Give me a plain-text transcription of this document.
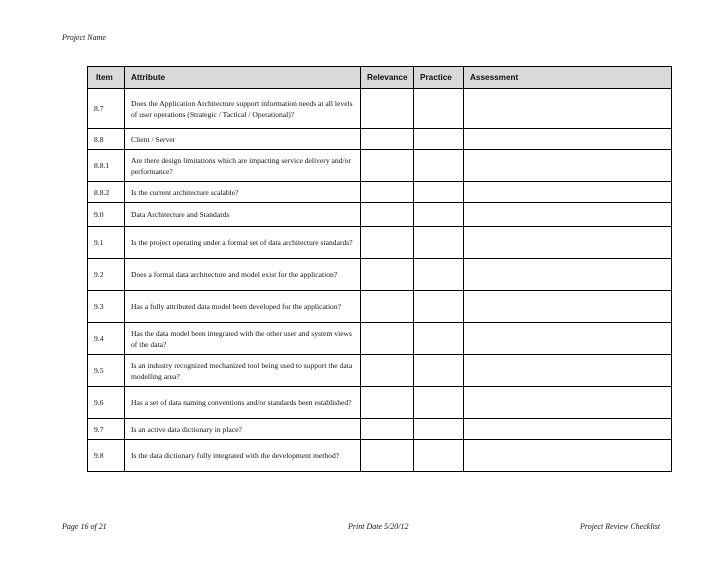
Project Name
Item	Attribute	Relevance	Practice	Assessment
8.7	Does the Application Architecture support information needs at all levels of user operations (Strategic / Tactical / Operational)?			
8.8	Client / Server			
8.8.1	Are there design limitations which are impacting service delivery and/or performance?			
8.8.2	Is the current architecture scalable?			
9.0	Data Architecture and Standards			
9.1	Is the project operating under a formal set of data architecture standards?			
9.2	Does a formal data architecture and model exist for the application?			
9.3	Has a fully attributed data model been developed for the application?			
9.4	Has the data model been integrated with the other user and system views of the data?			
9.5	Is an industry recognized mechanized tool being used to support the data modelling area?			
9.6	Has a set of data naming conventions and/or standards been established?			
9.7	Is an active data dictionary in place?			
9.8	Is the data dictionary fully integrated with the development method?			
Page 16 of 21	Print Date 5/20/12	Project Review Checklist
